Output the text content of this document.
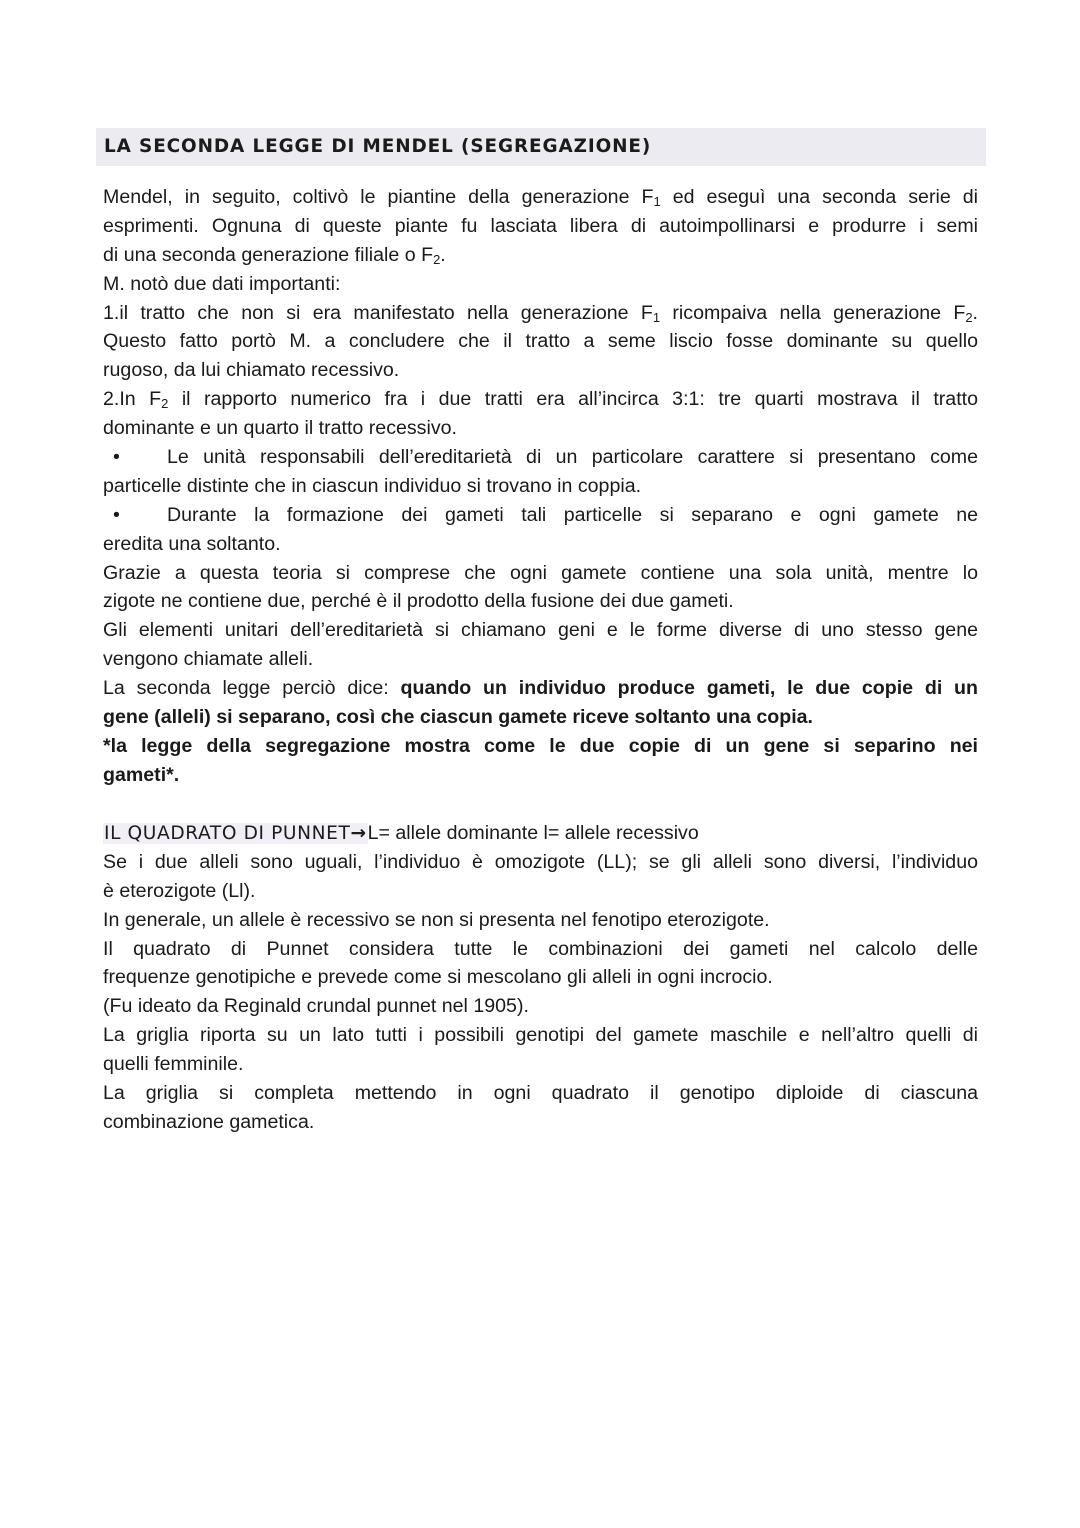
LA SECONDA LEGGE DI MENDEL (SEGREGAZIONE)
Mendel, in seguito, coltivò le piantine della generazione $F_1$ ed eseguì una seconda serie di
esprimenti. Ognuna di queste piante fu lasciata libera di autoimpollinarsi e produrre i semi
di una seconda generazione filiale o $F_2$.
M. notò due dati importanti:
1.il tratto che non si era manifestato nella generazione $F_1$ ricompaiva nella generazione $F_2$.
Questo fatto portò M. a concludere che il tratto a seme liscio fosse dominante su quello
rugoso, da lui chiamato recessivo.
2.In $F_2$ il rapporto numerico fra i due tratti era all’incirca 3:1: tre quarti mostrava il tratto
dominante e un quarto il tratto recessivo.
•	Le unità responsabili dell’ereditarietà di un particolare carattere si presentano come
particelle distinte che in ciascun individuo si trovano in coppia.
•	Durante la formazione dei gameti tali particelle si separano e ogni gamete ne
eredita una soltanto.
Grazie a questa teoria si comprese che ogni gamete contiene una sola unità, mentre lo
zigote ne contiene due, perché è il prodotto della fusione dei due gameti.
Gli elementi unitari dell’ereditarietà si chiamano geni e le forme diverse di uno stesso gene
vengono chiamate alleli.
La seconda legge perciò dice: quando un individuo produce gameti, le due copie di un
gene (alleli) si separano, così che ciascun gamete riceve soltanto una copia.
*la legge della segregazione mostra come le due copie di un gene si separino nei
gameti*.
IL QUADRATO DI PUNNET→L= allele dominante l= allele recessivo
Se i due alleli sono uguali, l’individuo è omozigote (LL); se gli alleli sono diversi, l’individuo
è eterozigote (Ll).
In generale, un allele è recessivo se non si presenta nel fenotipo eterozigote.
Il quadrato di Punnet considera tutte le combinazioni dei gameti nel calcolo delle
frequenze genotipiche e prevede come si mescolano gli alleli in ogni incrocio.
(Fu ideato da Reginald crundal punnet nel 1905).
La griglia riporta su un lato tutti i possibili genotipi del gamete maschile e nell’altro quelli di
quelli femminile.
La griglia si completa mettendo in ogni quadrato il genotipo diploide di ciascuna
combinazione gametica.
